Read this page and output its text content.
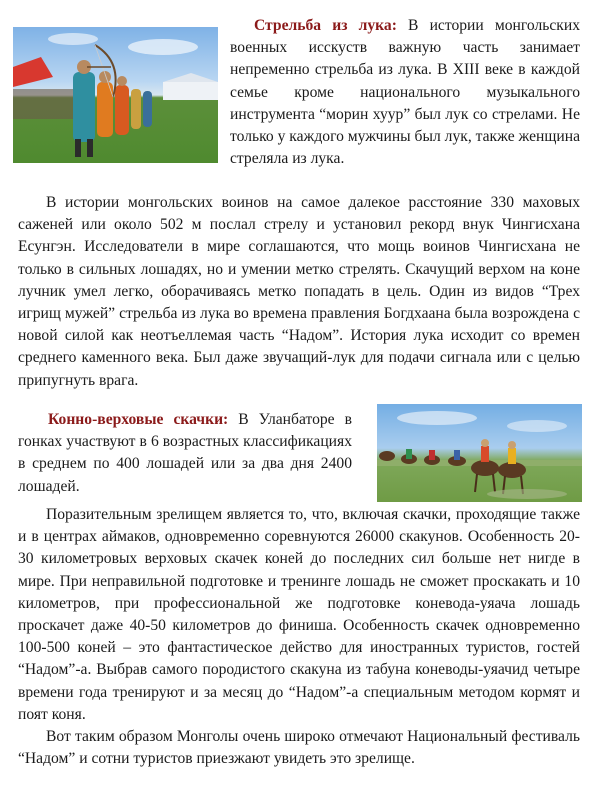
Стрельба из лука: В истории монгольских военных исскуств важную часть занимает непременно стрельба из лука. В XIII веке в каждой семье кроме национального музыкального инструмента “морин хуур” был лук со стрелами. Не только у каждого мужчины был лук, также женщина стреляла из лука.

В истории монгольских воинов на самое далекое расстояние 330 маховых саженей или около 502 м послал стрелу и установил рекорд внук Чингисхана Есунгэн. Исследователи в мире соглашаются, что мощь воинов Чингисхана не только в сильных лошадях, но и умении метко стрелять. Скачущий верхом на коне лучник умел легко, оборачиваясь метко попадать в цель. Один из видов “Трех игрищ мужей” стрельба из лука во времена правления Богдхаана была возрождена с новой силой как неотъеллемая часть “Надом”. История лука исходит со времен среднего каменного века. Был даже звучащий-лук для подачи сигнала или с целью припугнуть врага.

Конно-верховые скачки: В Уланбаторе в гонках участвуют в 6 возрастных классификациях в среднем по 400 лошадей или за два дня 2400 лошадей.

Поразительным зрелищем является то, что, включая скачки, проходящие также и в центрах аймаков, одновременно соревнуются 26000 скакунов. Особенность 20-30 километровых верховых скачек коней до последних сил больше нет нигде в мире. При неправильной подготовке и тренинге лошадь не сможет проскакать и 10 километров, при профессиональной же подготовке коневода-уяача лошадь проскачет даже 40-50 километров до финиша. Особенность скачек одновременно 100-500 коней – это фантастическое действо для иностранных туристов, гостей “Надом”-а. Выбрав самого породистого скакуна из табуна коневоды-уяачид четыре времени года тренируют и за месяц до “Надом”-а специальным методом кормят и поят коня.

Вот таким образом Монголы очень широко отмечают Национальный фестиваль “Надом” и сотни туристов приезжают увидеть это зрелище.
